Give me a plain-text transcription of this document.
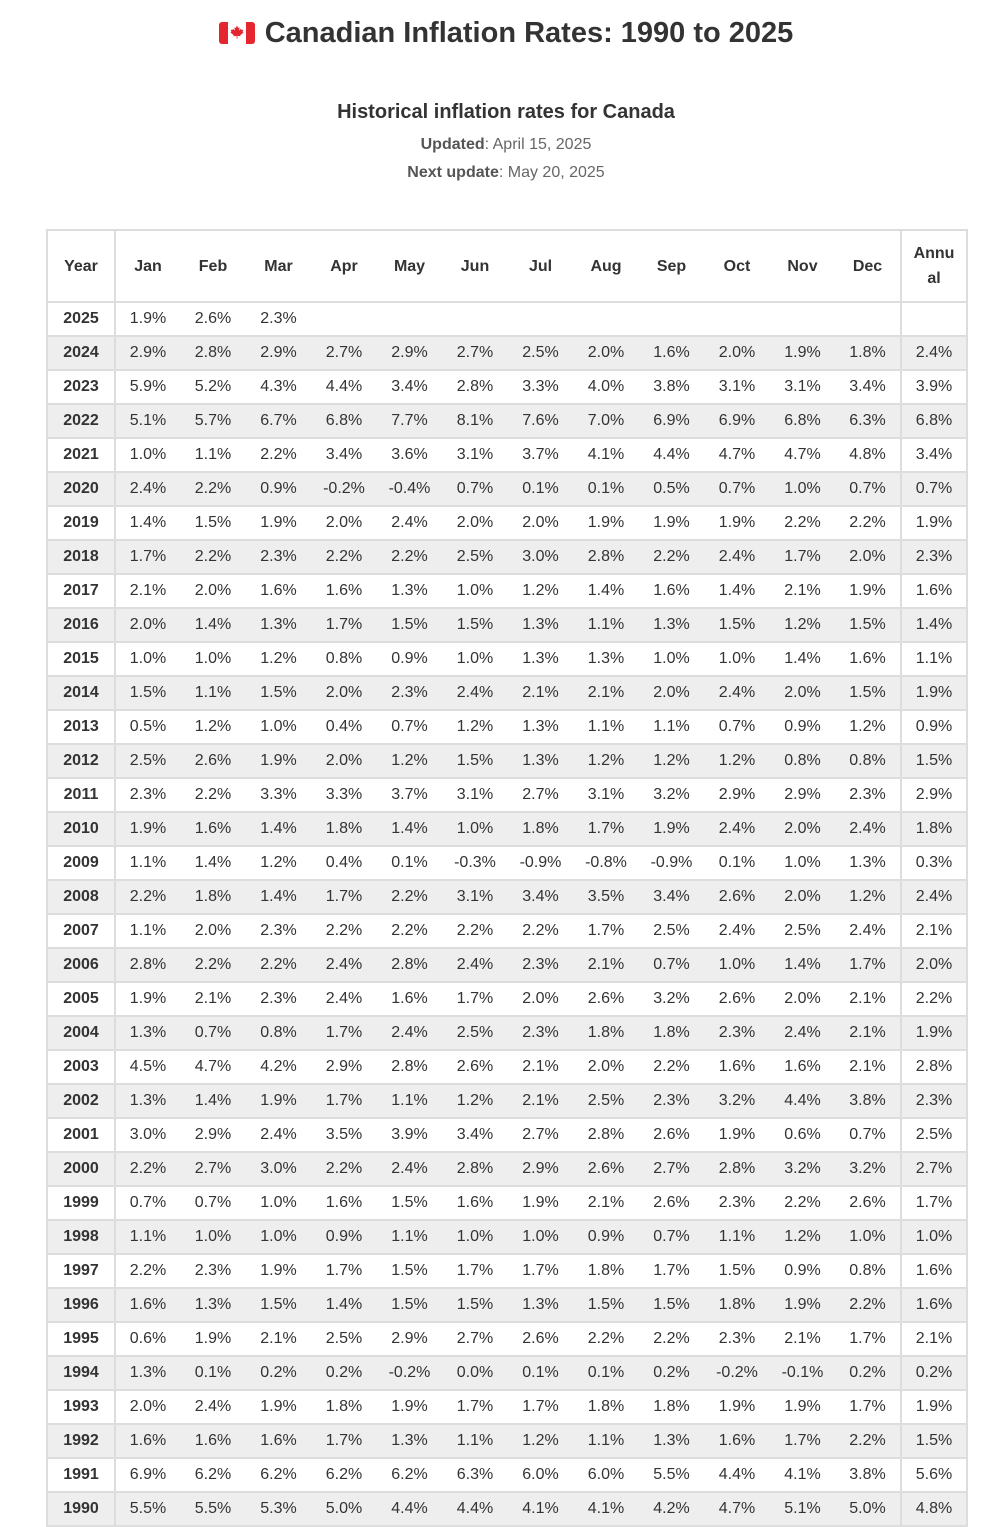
Canadian Inflation Rates: 1990 to 2025
Historical inflation rates for Canada
Updated: April 15, 2025
Next update: May 20, 2025
Year	Jan	Feb	Mar	Apr	May	Jun	Jul	Aug	Sep	Oct	Nov	Dec	Annual
2025	1.9%	2.6%	2.3%										
2024	2.9%	2.8%	2.9%	2.7%	2.9%	2.7%	2.5%	2.0%	1.6%	2.0%	1.9%	1.8%	2.4%
2023	5.9%	5.2%	4.3%	4.4%	3.4%	2.8%	3.3%	4.0%	3.8%	3.1%	3.1%	3.4%	3.9%
2022	5.1%	5.7%	6.7%	6.8%	7.7%	8.1%	7.6%	7.0%	6.9%	6.9%	6.8%	6.3%	6.8%
2021	1.0%	1.1%	2.2%	3.4%	3.6%	3.1%	3.7%	4.1%	4.4%	4.7%	4.7%	4.8%	3.4%
2020	2.4%	2.2%	0.9%	-0.2%	-0.4%	0.7%	0.1%	0.1%	0.5%	0.7%	1.0%	0.7%	0.7%
2019	1.4%	1.5%	1.9%	2.0%	2.4%	2.0%	2.0%	1.9%	1.9%	1.9%	2.2%	2.2%	1.9%
2018	1.7%	2.2%	2.3%	2.2%	2.2%	2.5%	3.0%	2.8%	2.2%	2.4%	1.7%	2.0%	2.3%
2017	2.1%	2.0%	1.6%	1.6%	1.3%	1.0%	1.2%	1.4%	1.6%	1.4%	2.1%	1.9%	1.6%
2016	2.0%	1.4%	1.3%	1.7%	1.5%	1.5%	1.3%	1.1%	1.3%	1.5%	1.2%	1.5%	1.4%
2015	1.0%	1.0%	1.2%	0.8%	0.9%	1.0%	1.3%	1.3%	1.0%	1.0%	1.4%	1.6%	1.1%
2014	1.5%	1.1%	1.5%	2.0%	2.3%	2.4%	2.1%	2.1%	2.0%	2.4%	2.0%	1.5%	1.9%
2013	0.5%	1.2%	1.0%	0.4%	0.7%	1.2%	1.3%	1.1%	1.1%	0.7%	0.9%	1.2%	0.9%
2012	2.5%	2.6%	1.9%	2.0%	1.2%	1.5%	1.3%	1.2%	1.2%	1.2%	0.8%	0.8%	1.5%
2011	2.3%	2.2%	3.3%	3.3%	3.7%	3.1%	2.7%	3.1%	3.2%	2.9%	2.9%	2.3%	2.9%
2010	1.9%	1.6%	1.4%	1.8%	1.4%	1.0%	1.8%	1.7%	1.9%	2.4%	2.0%	2.4%	1.8%
2009	1.1%	1.4%	1.2%	0.4%	0.1%	-0.3%	-0.9%	-0.8%	-0.9%	0.1%	1.0%	1.3%	0.3%
2008	2.2%	1.8%	1.4%	1.7%	2.2%	3.1%	3.4%	3.5%	3.4%	2.6%	2.0%	1.2%	2.4%
2007	1.1%	2.0%	2.3%	2.2%	2.2%	2.2%	2.2%	1.7%	2.5%	2.4%	2.5%	2.4%	2.1%
2006	2.8%	2.2%	2.2%	2.4%	2.8%	2.4%	2.3%	2.1%	0.7%	1.0%	1.4%	1.7%	2.0%
2005	1.9%	2.1%	2.3%	2.4%	1.6%	1.7%	2.0%	2.6%	3.2%	2.6%	2.0%	2.1%	2.2%
2004	1.3%	0.7%	0.8%	1.7%	2.4%	2.5%	2.3%	1.8%	1.8%	2.3%	2.4%	2.1%	1.9%
2003	4.5%	4.7%	4.2%	2.9%	2.8%	2.6%	2.1%	2.0%	2.2%	1.6%	1.6%	2.1%	2.8%
2002	1.3%	1.4%	1.9%	1.7%	1.1%	1.2%	2.1%	2.5%	2.3%	3.2%	4.4%	3.8%	2.3%
2001	3.0%	2.9%	2.4%	3.5%	3.9%	3.4%	2.7%	2.8%	2.6%	1.9%	0.6%	0.7%	2.5%
2000	2.2%	2.7%	3.0%	2.2%	2.4%	2.8%	2.9%	2.6%	2.7%	2.8%	3.2%	3.2%	2.7%
1999	0.7%	0.7%	1.0%	1.6%	1.5%	1.6%	1.9%	2.1%	2.6%	2.3%	2.2%	2.6%	1.7%
1998	1.1%	1.0%	1.0%	0.9%	1.1%	1.0%	1.0%	0.9%	0.7%	1.1%	1.2%	1.0%	1.0%
1997	2.2%	2.3%	1.9%	1.7%	1.5%	1.7%	1.7%	1.8%	1.7%	1.5%	0.9%	0.8%	1.6%
1996	1.6%	1.3%	1.5%	1.4%	1.5%	1.5%	1.3%	1.5%	1.5%	1.8%	1.9%	2.2%	1.6%
1995	0.6%	1.9%	2.1%	2.5%	2.9%	2.7%	2.6%	2.2%	2.2%	2.3%	2.1%	1.7%	2.1%
1994	1.3%	0.1%	0.2%	0.2%	-0.2%	0.0%	0.1%	0.1%	0.2%	-0.2%	-0.1%	0.2%	0.2%
1993	2.0%	2.4%	1.9%	1.8%	1.9%	1.7%	1.7%	1.8%	1.8%	1.9%	1.9%	1.7%	1.9%
1992	1.6%	1.6%	1.6%	1.7%	1.3%	1.1%	1.2%	1.1%	1.3%	1.6%	1.7%	2.2%	1.5%
1991	6.9%	6.2%	6.2%	6.2%	6.2%	6.3%	6.0%	6.0%	5.5%	4.4%	4.1%	3.8%	5.6%
1990	5.5%	5.5%	5.3%	5.0%	4.4%	4.4%	4.1%	4.1%	4.2%	4.7%	5.1%	5.0%	4.8%
